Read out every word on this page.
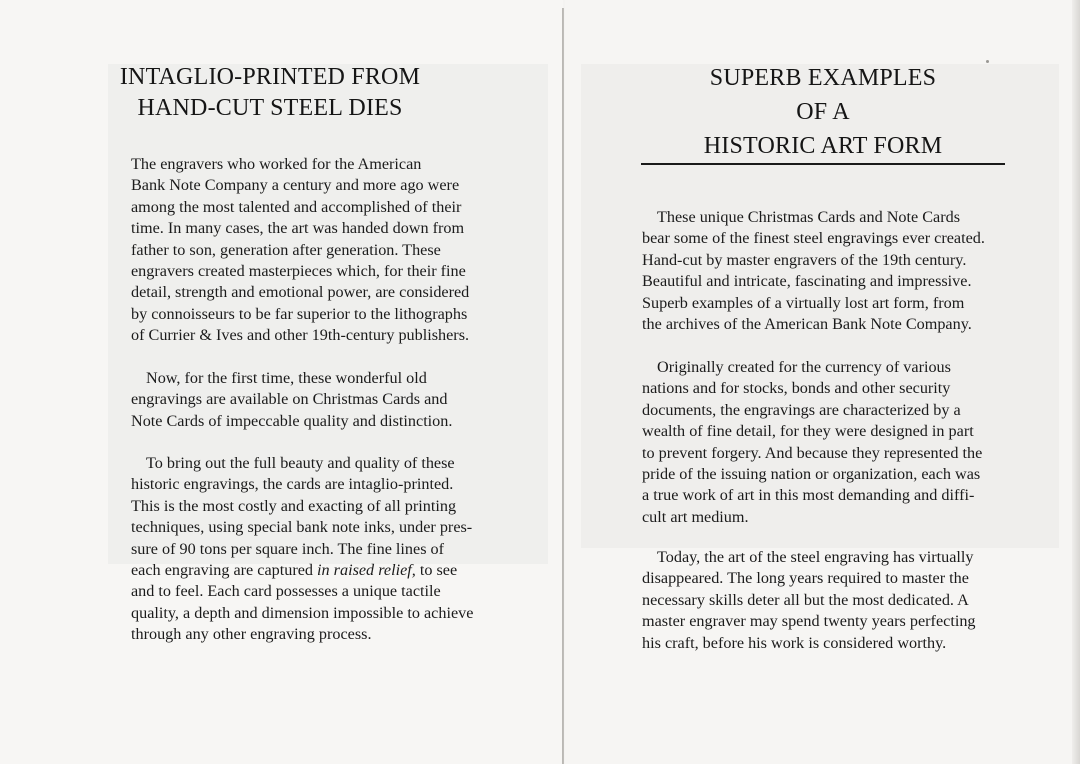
INTAGLIO-PRINTED FROM
HAND-CUT STEEL DIES

The engravers who worked for the American
Bank Note Company a century and more ago were
among the most talented and accomplished of their
time. In many cases, the art was handed down from
father to son, generation after generation. These
engravers created masterpieces which, for their fine
detail, strength and emotional power, are considered
by connoisseurs to be far superior to the lithographs
of Currier & Ives and other 19th-century publishers.

Now, for the first time, these wonderful old
engravings are available on Christmas Cards and
Note Cards of impeccable quality and distinction.

To bring out the full beauty and quality of these
historic engravings, the cards are intaglio-printed.
This is the most costly and exacting of all printing
techniques, using special bank note inks, under pres-
sure of 90 tons per square inch. The fine lines of
each engraving are captured in raised relief, to see
and to feel. Each card possesses a unique tactile
quality, a depth and dimension impossible to achieve
through any other engraving process.

SUPERB EXAMPLES
OF A
HISTORIC ART FORM

These unique Christmas Cards and Note Cards
bear some of the finest steel engravings ever created.
Hand-cut by master engravers of the 19th century.
Beautiful and intricate, fascinating and impressive.
Superb examples of a virtually lost art form, from
the archives of the American Bank Note Company.

Originally created for the currency of various
nations and for stocks, bonds and other security
documents, the engravings are characterized by a
wealth of fine detail, for they were designed in part
to prevent forgery. And because they represented the
pride of the issuing nation or organization, each was
a true work of art in this most demanding and diffi-
cult art medium.

Today, the art of the steel engraving has virtually
disappeared. The long years required to master the
necessary skills deter all but the most dedicated. A
master engraver may spend twenty years perfecting
his craft, before his work is considered worthy.
